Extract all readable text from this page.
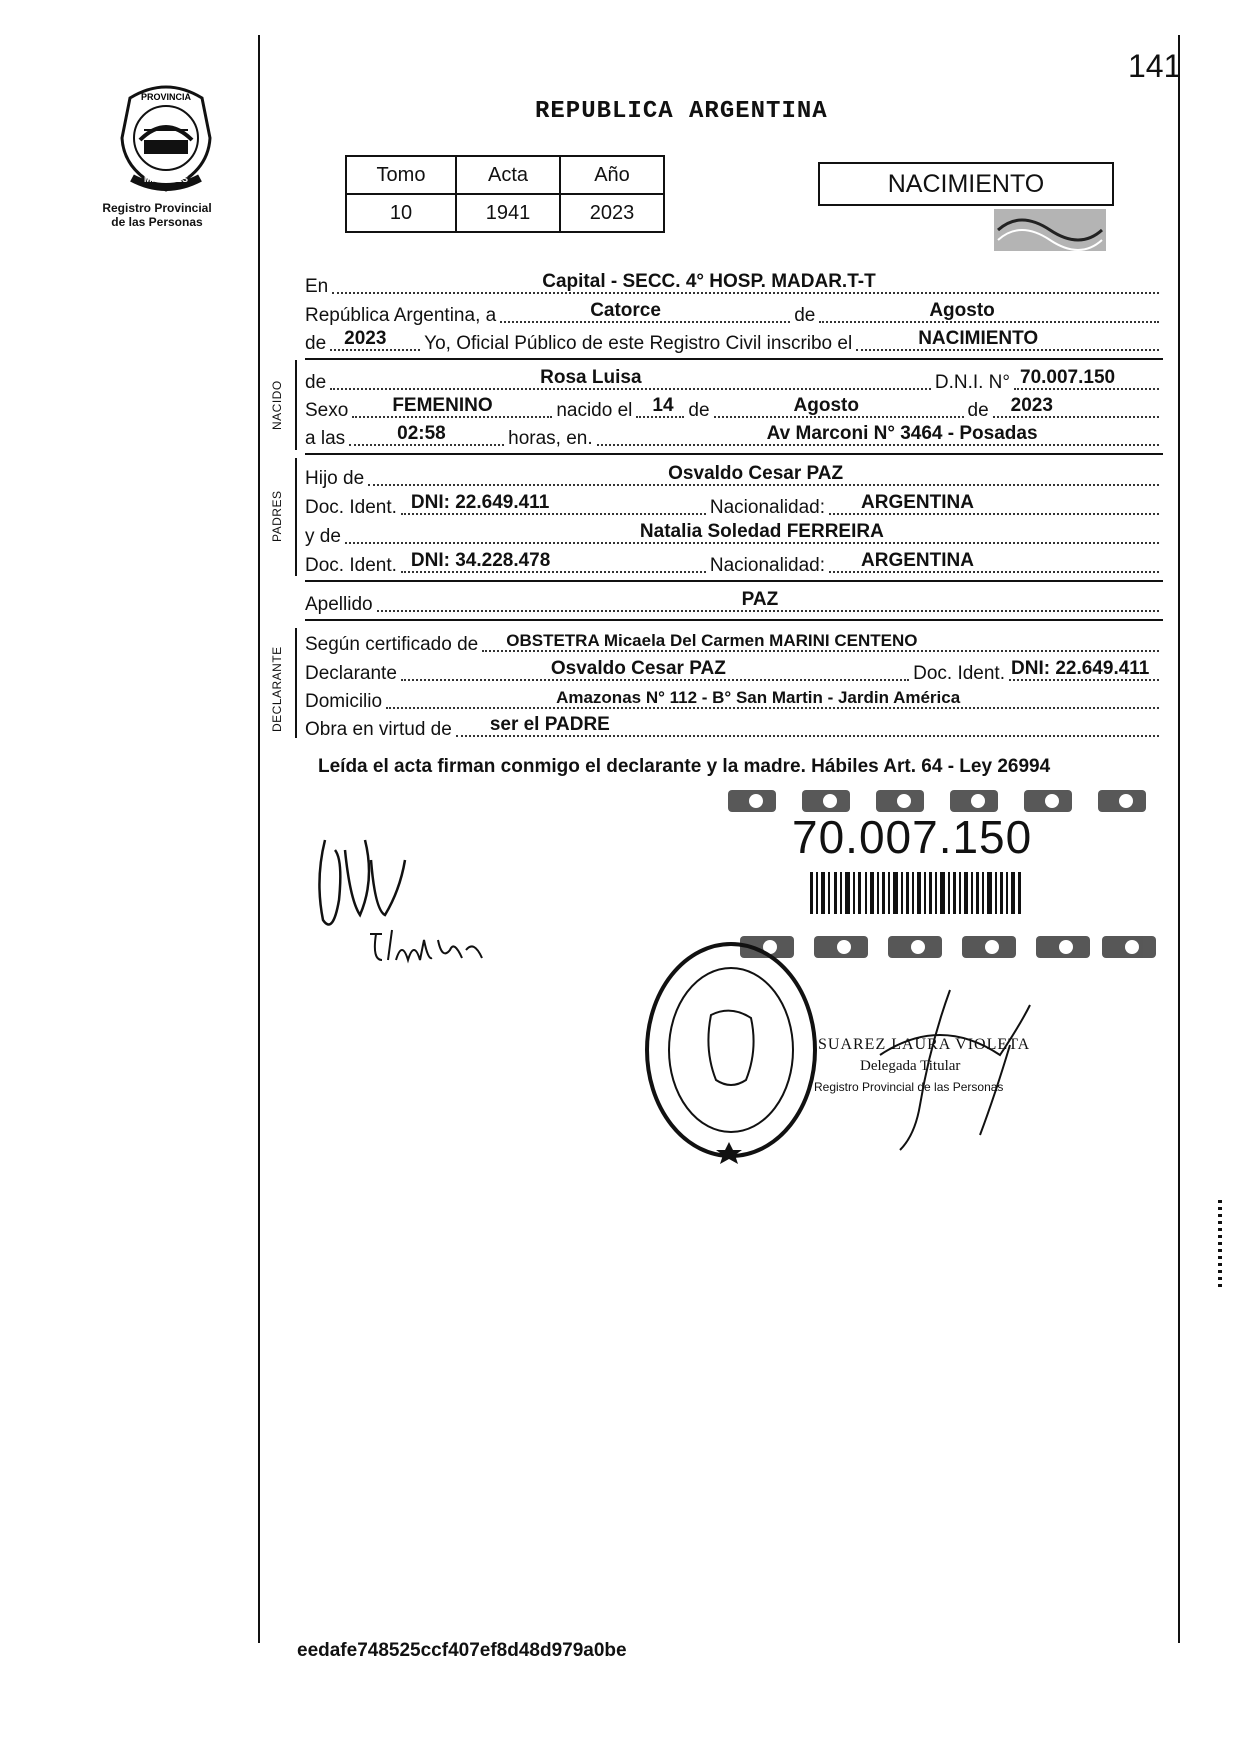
141
PROVINCIA
MISIONES
Registro Provincial
de las Personas
REPUBLICA ARGENTINA
Tomo	Acta	Año
10	1941	2023
NACIMIENTO
En	Capital - SECC. 4° HOSP. MADAR.T-T
República Argentina, a	Catorce	de	Agosto
de 2023 Yo, Oficial Público de este Registro Civil inscribo el	NACIMIENTO
NACIDO de	Rosa Luisa	D.N.I. N° 70.007.150
Sexo FEMENINO	nacido el 14 de	Agosto	de 2023
a las	02:58	horas, en.	Av Marconi N° 3464 - Posadas
PADRES
Hijo de	Osvaldo Cesar PAZ
Doc. Ident. DNI: 22.649.411	Nacionalidad: ARGENTINA
y de	Natalia Soledad FERREIRA
Doc. Ident. DNI: 34.228.478	Nacionalidad: ARGENTINA
Apellido	PAZ
DECLARANTE
Según certificado de OBSTETRA Micaela Del Carmen MARINI CENTENO
Declarante	Osvaldo Cesar PAZ	Doc. Ident. DNI: 22.649.411
Domicilio	Amazonas N° 112 - B° San Martin - Jardin América
Obra en virtud de ser el PADRE
Leída el acta firman conmigo el declarante y la madre. Hábiles Art. 64 - Ley 26994
70.007.150
SUAREZ LAURA VIOLETA
Delegada Titular
Registro Provincial de las Personas
eedafe748525ccf407ef8d48d979a0be
